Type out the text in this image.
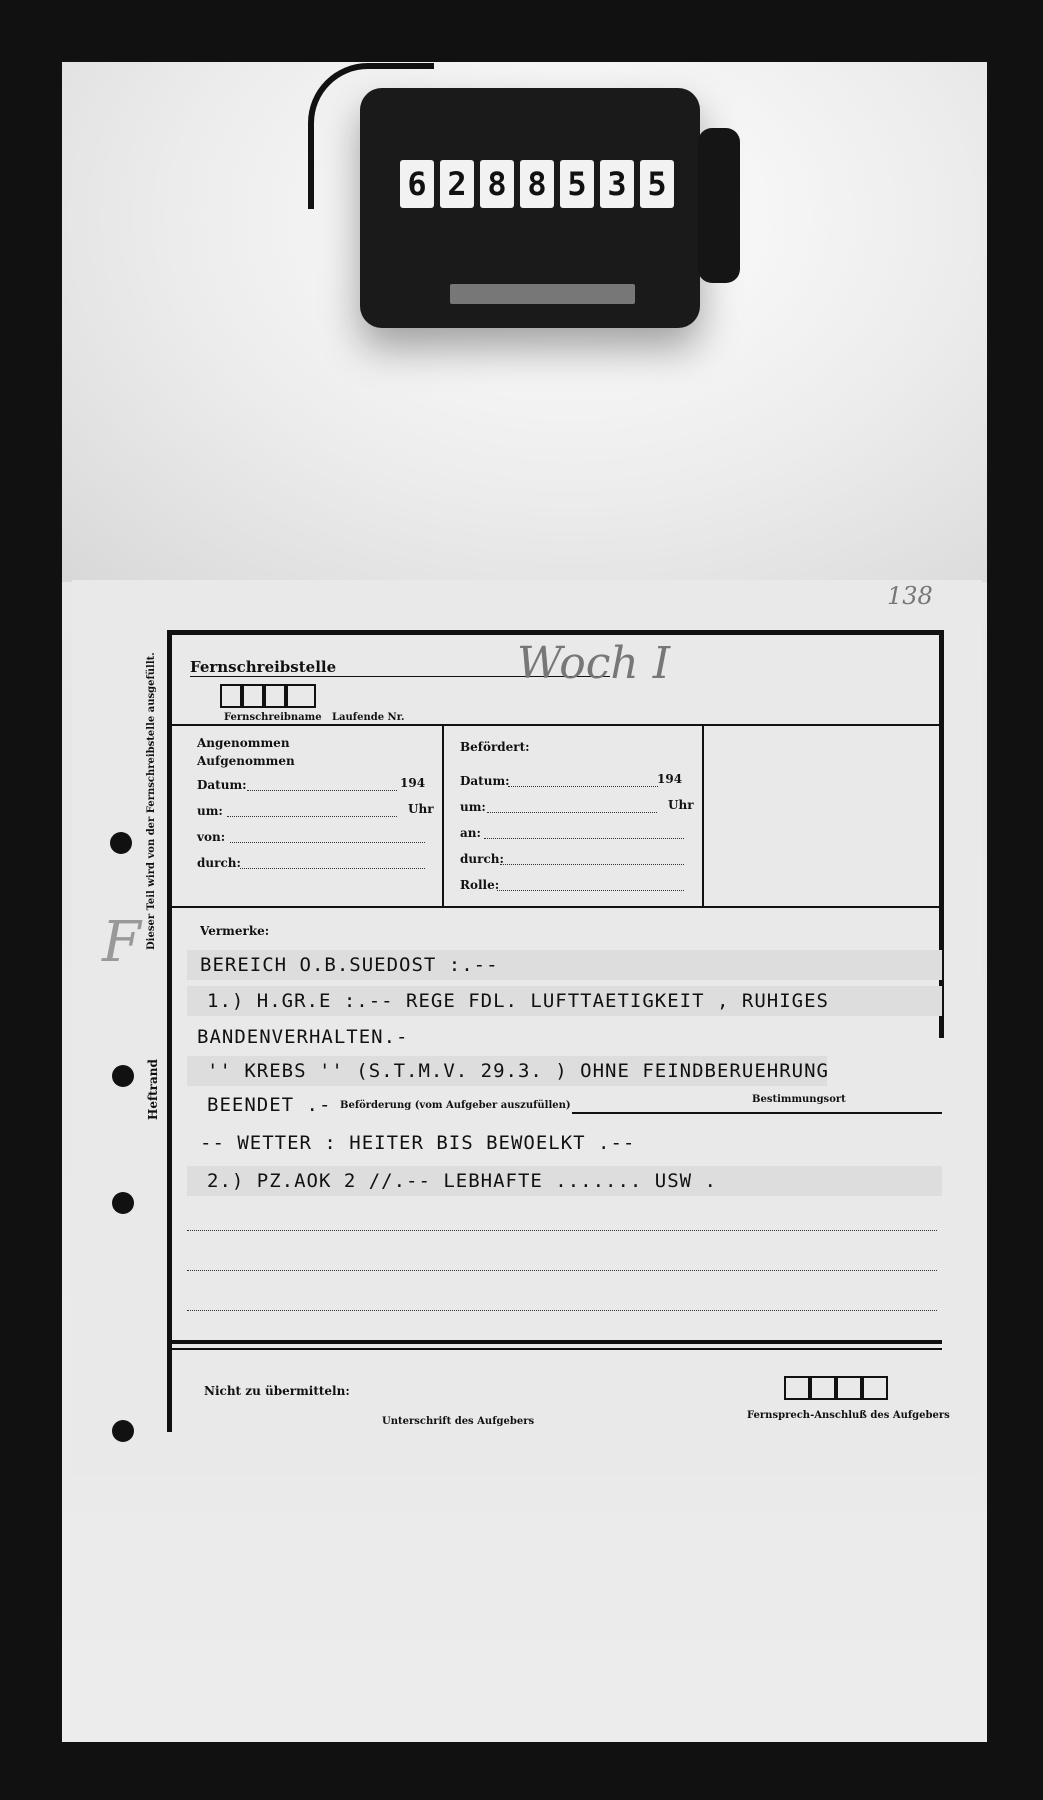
6 2 8 8 5 3 5
Fernschreibstelle	Woch I
138
Fernschreibname Laufende Nr.
Angenommen
Aufgenommen
Datum:	194
um:	Uhr
von:
durch:
Befördert:
Datum:	194
um:	Uhr
an:
durch:
Rolle:
Vermerke:
BEREICH O.B.SUEDOST :.--
1.) H.GR.E :.-- REGE FDL. LUFTTAETIGKEIT , RUHIGES
BANDENVERHALTEN.-
'' KREBS '' (S.T.M.V. 29.3. ) OHNE FEINDBERUEHRUNG
BEENDET .- Beförderung (vom Aufgeber auszufüllen)
Bestimmungsort
-- WETTER : HEITER BIS BEWOELKT .--
2.) PZ.AOK 2 //.-- LEBHAFTE ....... USW .
Nicht zu übermitteln:
Unterschrift des Aufgebers
Fernsprech-Anschluß des Aufgebers
Dieser Teil wird von der Fernschreibstelle ausgefüllt.
Heftrand
F
